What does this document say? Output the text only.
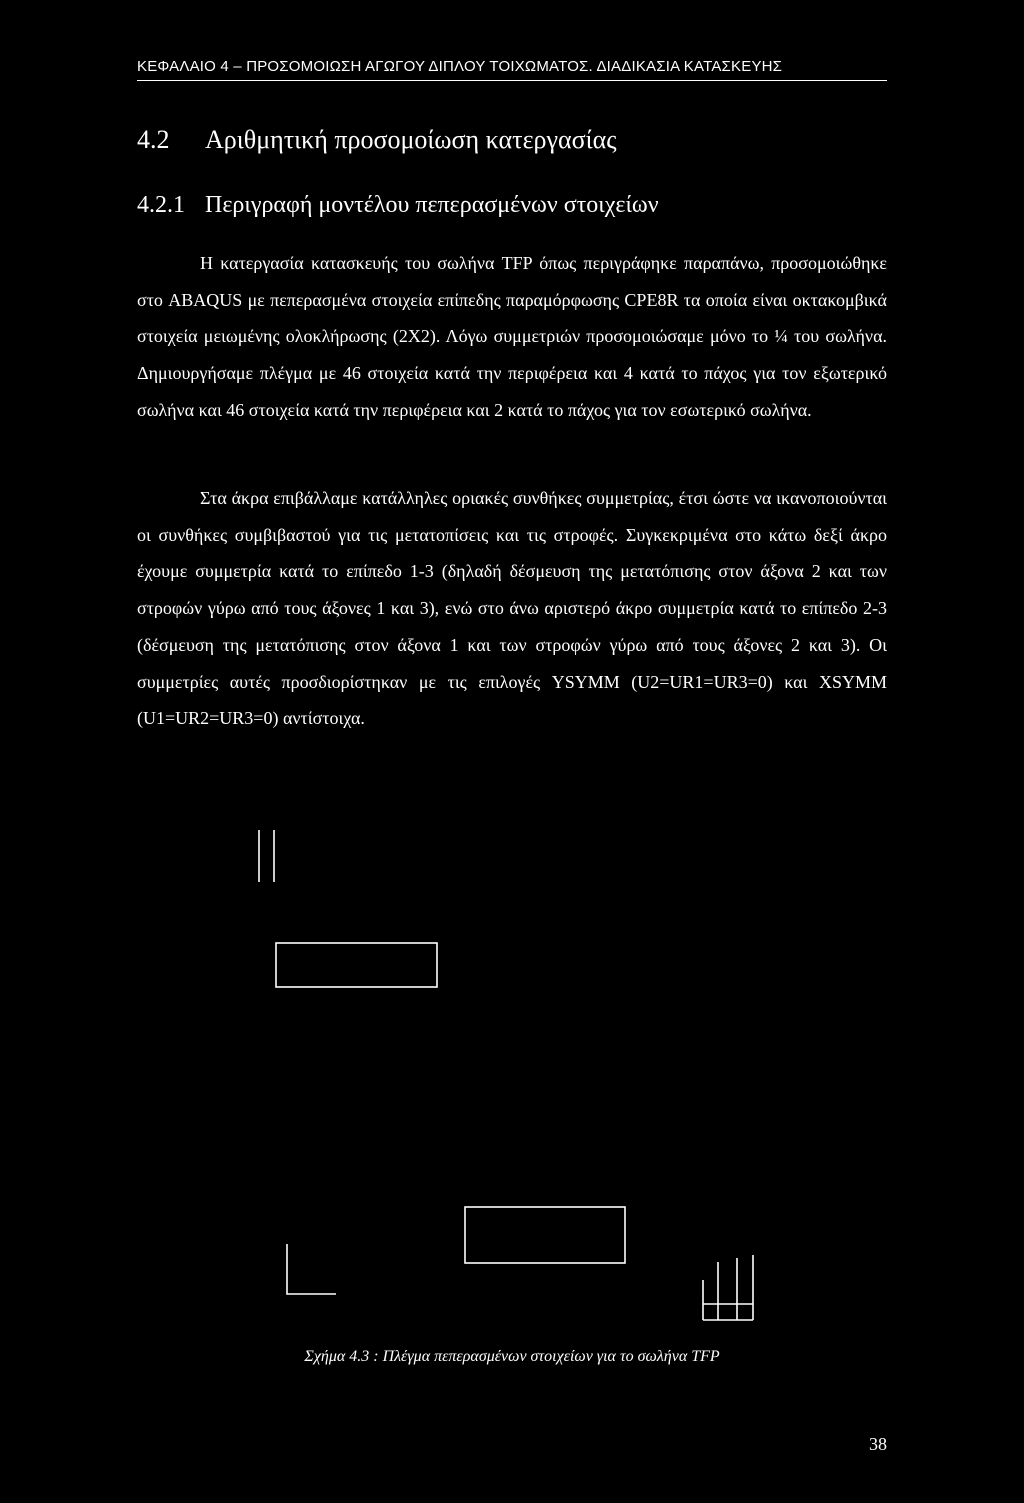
ΚΕΦΑΛΑΙΟ 4 – ΠΡΟΣΟΜΟΙΩΣΗ ΑΓΩΓΟΥ ΔΙΠΛΟΥ ΤΟΙΧΩΜΑΤΟΣ. ΔΙΑΔΙΚΑΣΙΑ ΚΑΤΑΣΚΕΥΗΣ
4.2 Αριθμητική προσομοίωση κατεργασίας
4.2.1 Περιγραφή μοντέλου πεπερασμένων στοιχείων

Η κατεργασία κατασκευής του σωλήνα TFP όπως περιγράφηκε παραπάνω, προσομοιώθηκε στο ABAQUS με πεπερασμένα στοιχεία επίπεδης παραμόρφωσης CPE8R τα οποία είναι οκτακομβικά στοιχεία μειωμένης ολοκλήρωσης (2X2). Λόγω συμμετριών προσομοιώσαμε μόνο το ¼ του σωλήνα. Δημιουργήσαμε πλέγμα με 46 στοιχεία κατά την περιφέρεια και 4 κατά το πάχος για τον εξωτερικό σωλήνα και 46 στοιχεία κατά την περιφέρεια και 2 κατά το πάχος για τον εσωτερικό σωλήνα.

Στα άκρα επιβάλλαμε κατάλληλες οριακές συνθήκες συμμετρίας, έτσι ώστε να ικανοποιούνται οι συνθήκες συμβιβαστού για τις μετατοπίσεις και τις στροφές. Συγκεκριμένα στο κάτω δεξί άκρο έχουμε συμμετρία κατά το επίπεδο 1-3 (δηλαδή δέσμευση της μετατόπισης στον άξονα 2 και των στροφών γύρω από τους άξονες 1 και 3), ενώ στο άνω αριστερό άκρο συμμετρία κατά το επίπεδο 2-3 (δέσμευση της μετατόπισης στον άξονα 1 και των στροφών γύρω από τους άξονες 2 και 3). Οι συμμετρίες αυτές προσδιορίστηκαν με τις επιλογές YSYMM (U2=UR1=UR3=0) και XSYMM (U1=UR2=UR3=0) αντίστοιχα.

Σχήμα 4.3 : Πλέγμα πεπερασμένων στοιχείων για το σωλήνα TFP
38
